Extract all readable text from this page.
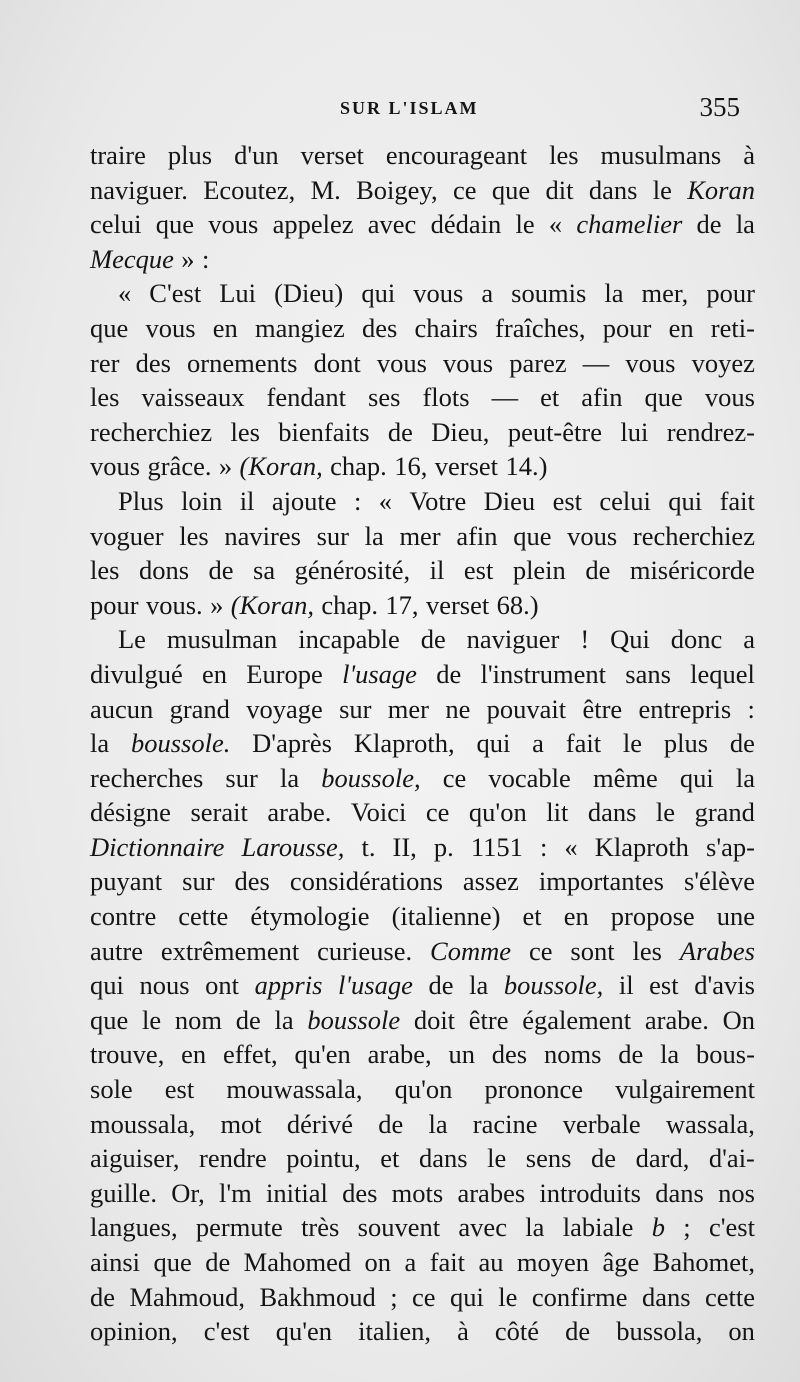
SUR L'ISLAM	355
traire plus d'un verset encourageant les musulmans à
naviguer. Ecoutez, M. Boigey, ce que dit dans le Koran
celui que vous appelez avec dédain le « chamelier de la
Mecque » :
« C'est Lui (Dieu) qui vous a soumis la mer, pour
que vous en mangiez des chairs fraîches, pour en reti-
rer des ornements dont vous vous parez — vous voyez
les vaisseaux fendant ses flots — et afin que vous
recherchiez les bienfaits de Dieu, peut-être lui rendrez-
vous grâce. » (Koran, chap. 16, verset 14.)
Plus loin il ajoute : « Votre Dieu est celui qui fait
voguer les navires sur la mer afin que vous recherchiez
les dons de sa générosité, il est plein de miséricorde
pour vous. » (Koran, chap. 17, verset 68.)
Le musulman incapable de naviguer ! Qui donc a
divulgué en Europe l'usage de l'instrument sans lequel
aucun grand voyage sur mer ne pouvait être entrepris :
la boussole. D'après Klaproth, qui a fait le plus de
recherches sur la boussole, ce vocable même qui la
désigne serait arabe. Voici ce qu'on lit dans le grand
Dictionnaire Larousse, t. II, p. 1151 : « Klaproth s'ap-
puyant sur des considérations assez importantes s'élève
contre cette étymologie (italienne) et en propose une
autre extrêmement curieuse. Comme ce sont les Arabes
qui nous ont appris l'usage de la boussole, il est d'avis
que le nom de la boussole doit être également arabe. On
trouve, en effet, qu'en arabe, un des noms de la bous-
sole est mouwassala, qu'on prononce vulgairement
moussala, mot dérivé de la racine verbale wassala,
aiguiser, rendre pointu, et dans le sens de dard, d'ai-
guille. Or, l'm initial des mots arabes introduits dans nos
langues, permute très souvent avec la labiale b ; c'est
ainsi que de Mahomed on a fait au moyen âge Bahomet,
de Mahmoud, Bakhmoud ; ce qui le confirme dans cette
opinion, c'est qu'en italien, à côté de bussola, on
